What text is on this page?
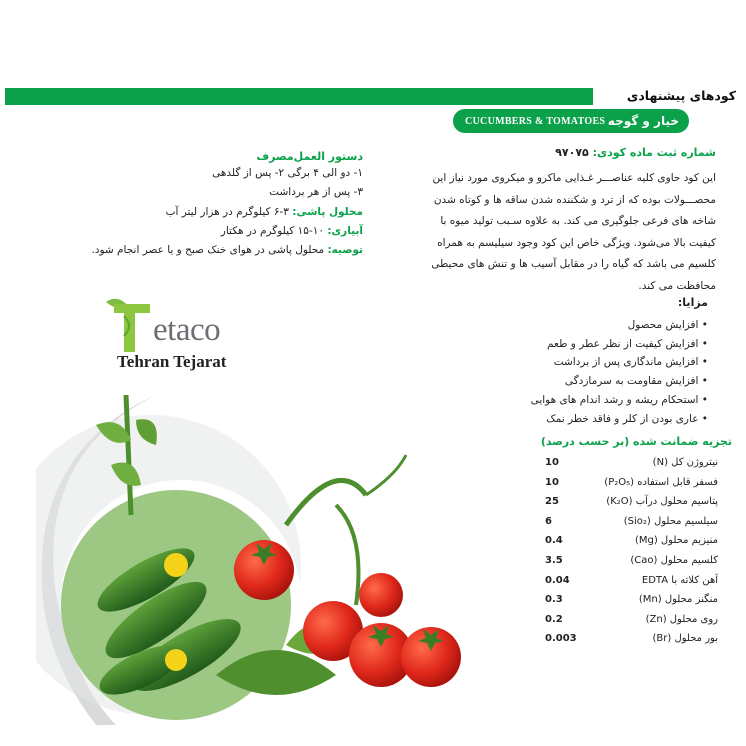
کودهای پیشنهادی
CUCUMBERS & TOMATOES خیار و گوجه
شماره ثبت ماده کودی: ۹۷۰۷۵
این کود حاوی کلیه عناصـــر غـذایی ماکرو و میکروی مورد نیاز این
محصـــولات بوده که از ترد و شکننده شدن ساقه ها و کوتاه شدن
شاخه های فرعی جلوگیری می کند. به علاوه سـبب تولید میوه با
کیفیت بالا می‌شود. ویژگی خاص این کود وجود سیلیسم به همراه
کلسیم می باشد که گیاه را در مقابل آسیب ها و تنش های محیطی
محافظت می کند.
مزایا:
• افزایش محصول
• افزایش کیفیت از نظر عطر و طعم
• افزایش ماندگاری پس از برداشت
• افزایش مقاومت به سرمازدگی
• استحکام ریشه و رشد اندام های هوایی
• عاری بودن از کلر و فاقد خطر نمک
تجزیه ضمانت شده (بر حسب درصد)
نیتروژن کل (N)
10
فسفر قابل استفاده (P₂O₅)
10
پتاسیم محلول درآب (K₂O)
25
سیلسیم محلول (Sio₂)
6
منیزیم محلول (Mg)
0.4
کلسیم محلول (Cao)
3.5
آهن کلاته با EDTA
0.04
منگنز محلول (Mn)
0.3
روی محلول (Zn)
0.2
بور محلول (Br)
0.003
دستور العمل‌مصرف
۱- دو الی ۴ برگی ۲- پس از گلدهی
۳- پس از هر برداشت
محلول پاشی: ۳-۶ کیلوگرم در هزار لیتر آب
آبیاری: ۱۰-۱۵ کیلوگرم در هکتار
توصیه: محلول پاشی در هوای خنک صبح و یا عصر انجام شود.
etaco
Tehran Tejarat
